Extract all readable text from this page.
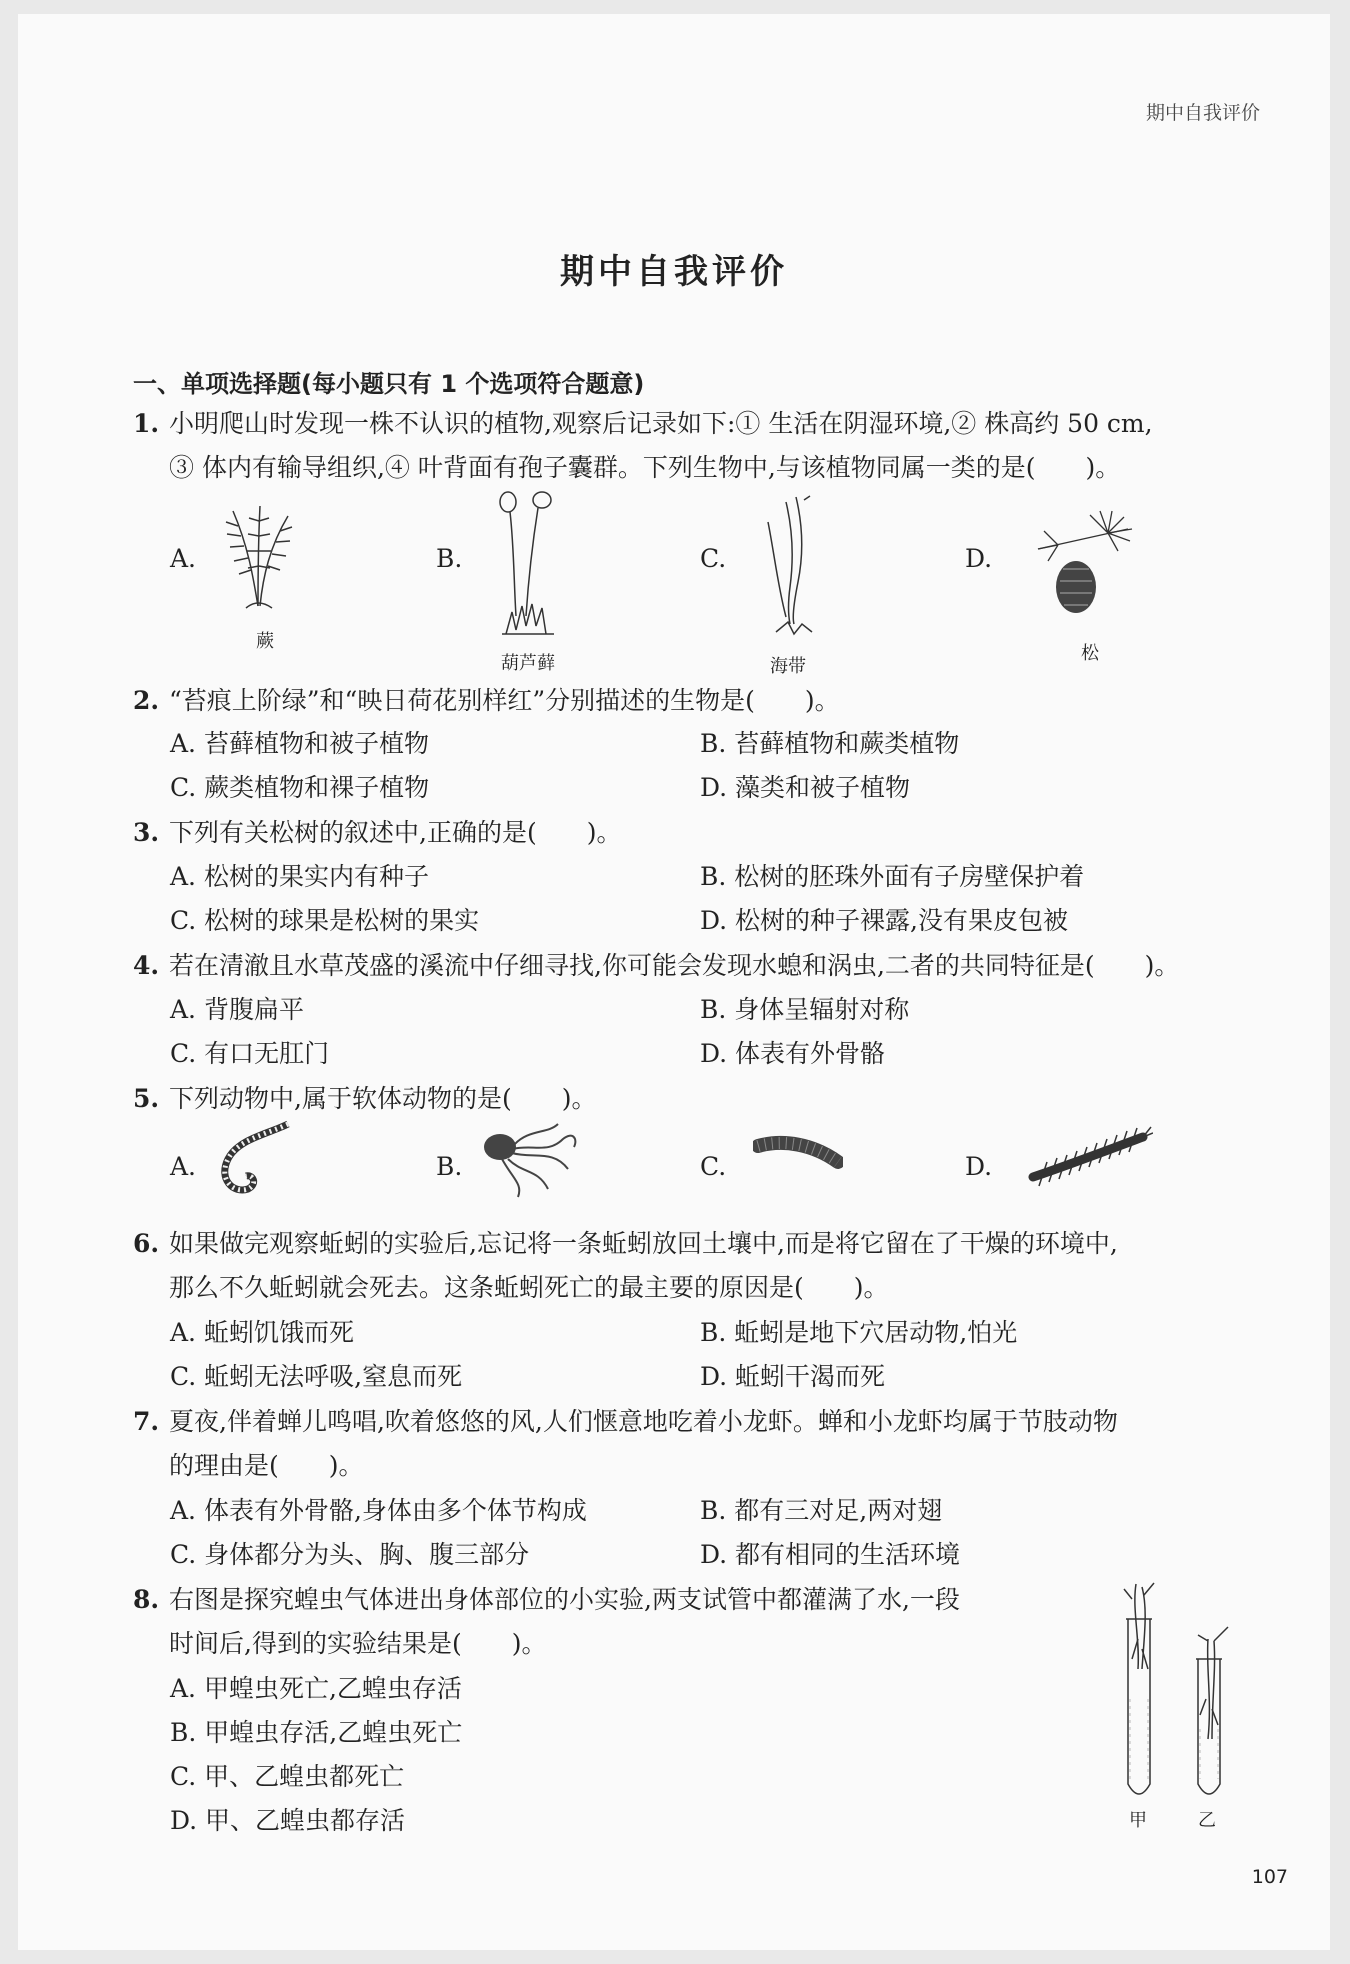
期中自我评价
期中自我评价
一、单项选择题(每小题只有 1 个选项符合题意)
1. 小明爬山时发现一株不认识的植物,观察后记录如下:① 生活在阴湿环境,② 株高约 50 cm,
③ 体内有输导组织,④ 叶背面有孢子囊群。下列生物中,与该植物同属一类的是(　　)。
A.	B.	C.	D.
蕨
葫芦藓	海带
松
2. “苔痕上阶绿”和“映日荷花别样红”分别描述的生物是(　　)。
A. 苔藓植物和被子植物	B. 苔藓植物和蕨类植物
C. 蕨类植物和裸子植物	D. 藻类和被子植物
3. 下列有关松树的叙述中,正确的是(　　)。
A. 松树的果实内有种子	B. 松树的胚珠外面有子房壁保护着
C. 松树的球果是松树的果实	D. 松树的种子裸露,没有果皮包被
4. 若在清澈且水草茂盛的溪流中仔细寻找,你可能会发现水螅和涡虫,二者的共同特征是(　　)。
A. 背腹扁平	B. 身体呈辐射对称
C. 有口无肛门	D. 体表有外骨骼
5. 下列动物中,属于软体动物的是(　　)。
A.	B.	C.	D.
6. 如果做完观察蚯蚓的实验后,忘记将一条蚯蚓放回土壤中,而是将它留在了干燥的环境中,
那么不久蚯蚓就会死去。这条蚯蚓死亡的最主要的原因是(　　)。
A. 蚯蚓饥饿而死	B. 蚯蚓是地下穴居动物,怕光
C. 蚯蚓无法呼吸,窒息而死	D. 蚯蚓干渴而死
7. 夏夜,伴着蝉儿鸣唱,吹着悠悠的风,人们惬意地吃着小龙虾。蝉和小龙虾均属于节肢动物
的理由是(　　)。
A. 体表有外骨骼,身体由多个体节构成	B. 都有三对足,两对翅
C. 身体都分为头、胸、腹三部分	D. 都有相同的生活环境
8. 右图是探究蝗虫气体进出身体部位的小实验,两支试管中都灌满了水,一段
时间后,得到的实验结果是(　　)。
A. 甲蝗虫死亡,乙蝗虫存活
B. 甲蝗虫存活,乙蝗虫死亡
C. 甲、乙蝗虫都死亡
D. 甲、乙蝗虫都存活	甲	乙
107
